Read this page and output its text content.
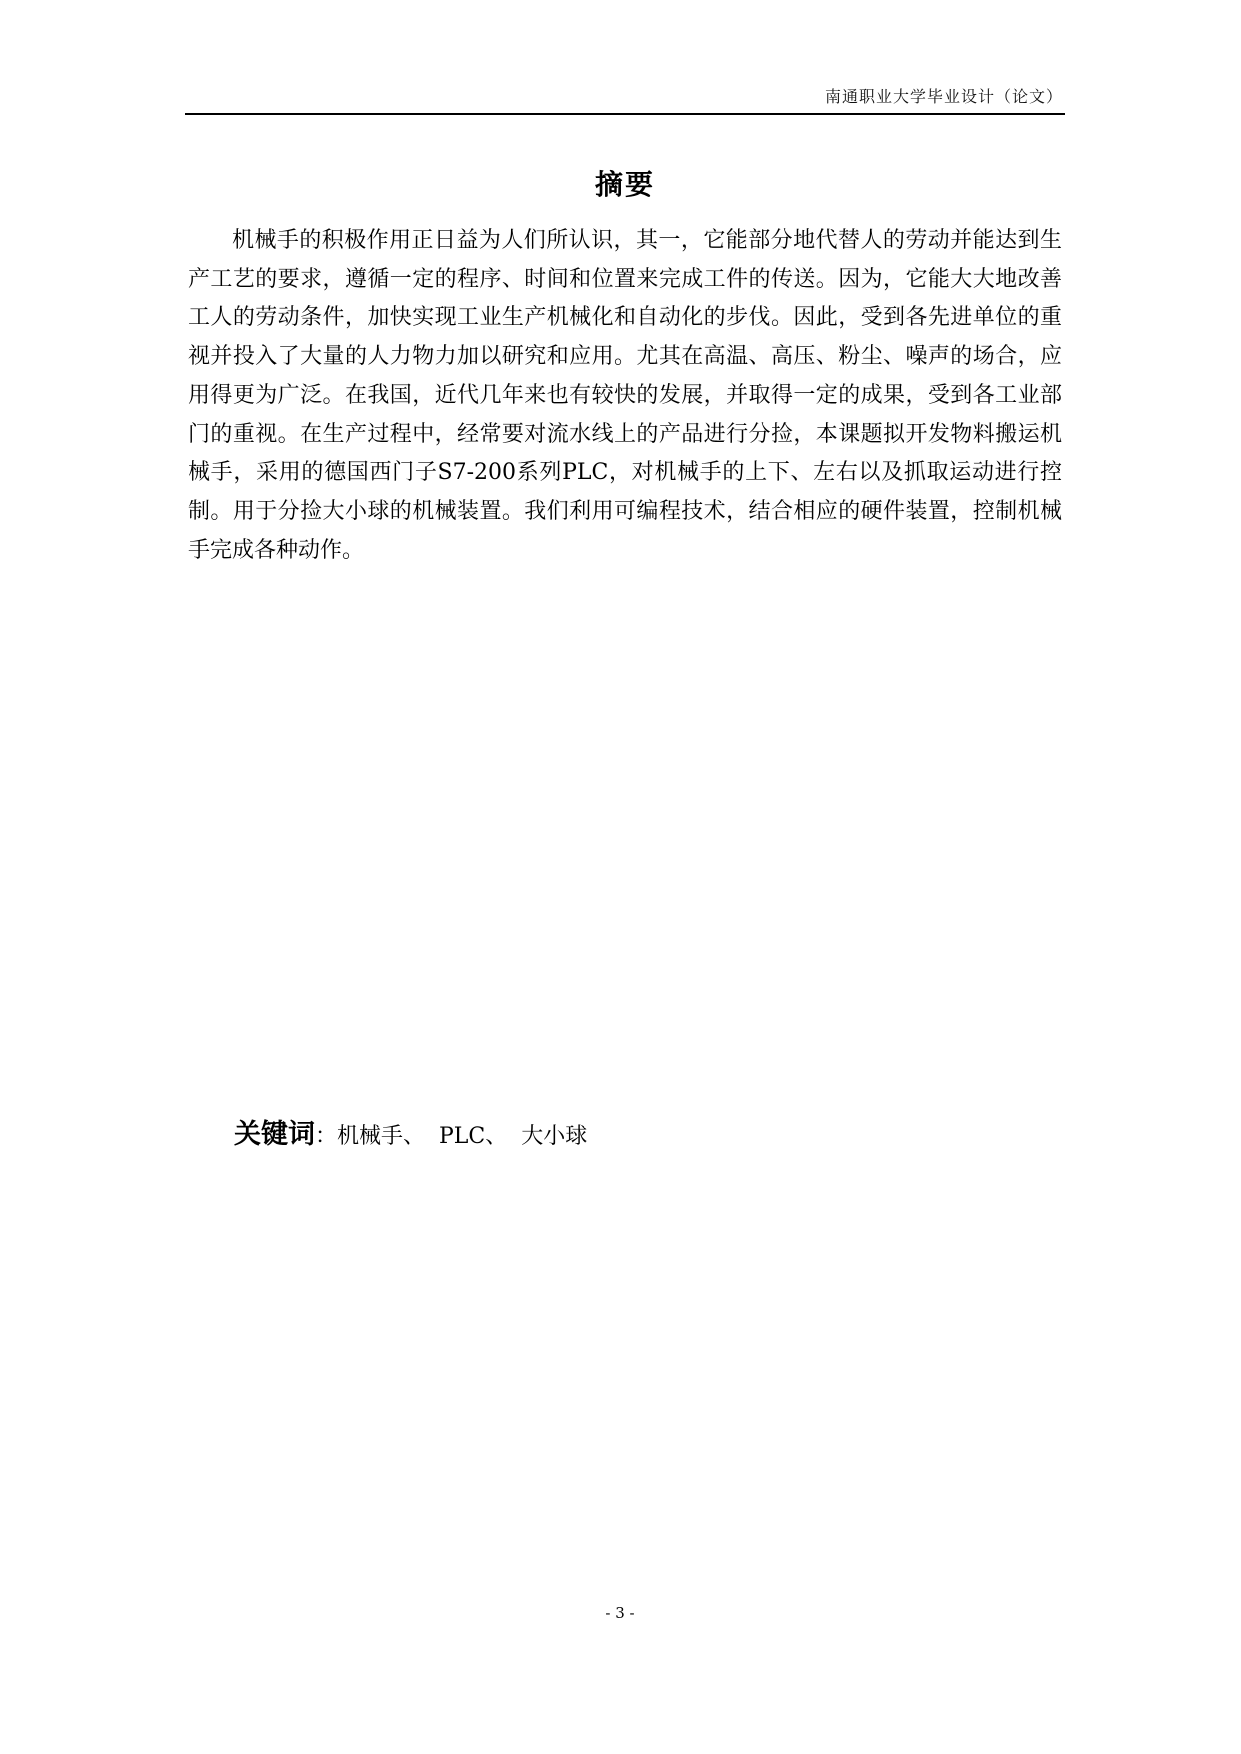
南通职业大学毕业设计（论文）
摘要

机械手的积极作用正日益为人们所认识，其一，它能部分地代替人的劳动并能达到生产工艺的要求，遵循一定的程序、时间和位置来完成工件的传送。因为，它能大大地改善工人的劳动条件，加快实现工业生产机械化和自动化的步伐。因此，受到各先进单位的重视并投入了大量的人力物力加以研究和应用。尤其在高温、高压、粉尘、噪声的场合，应用得更为广泛。在我国，近代几年来也有较快的发展，并取得一定的成果，受到各工业部门的重视。在生产过程中，经常要对流水线上的产品进行分捡，本课题拟开发物料搬运机械手，采用的德国西门子S7-200系列PLC，对机械手的上下、左右以及抓取运动进行控制。用于分捡大小球的机械装置。我们利用可编程技术，结合相应的硬件装置，控制机械手完成各种动作。

关键词：机械手、  PLC、  大小球
- 3 -
